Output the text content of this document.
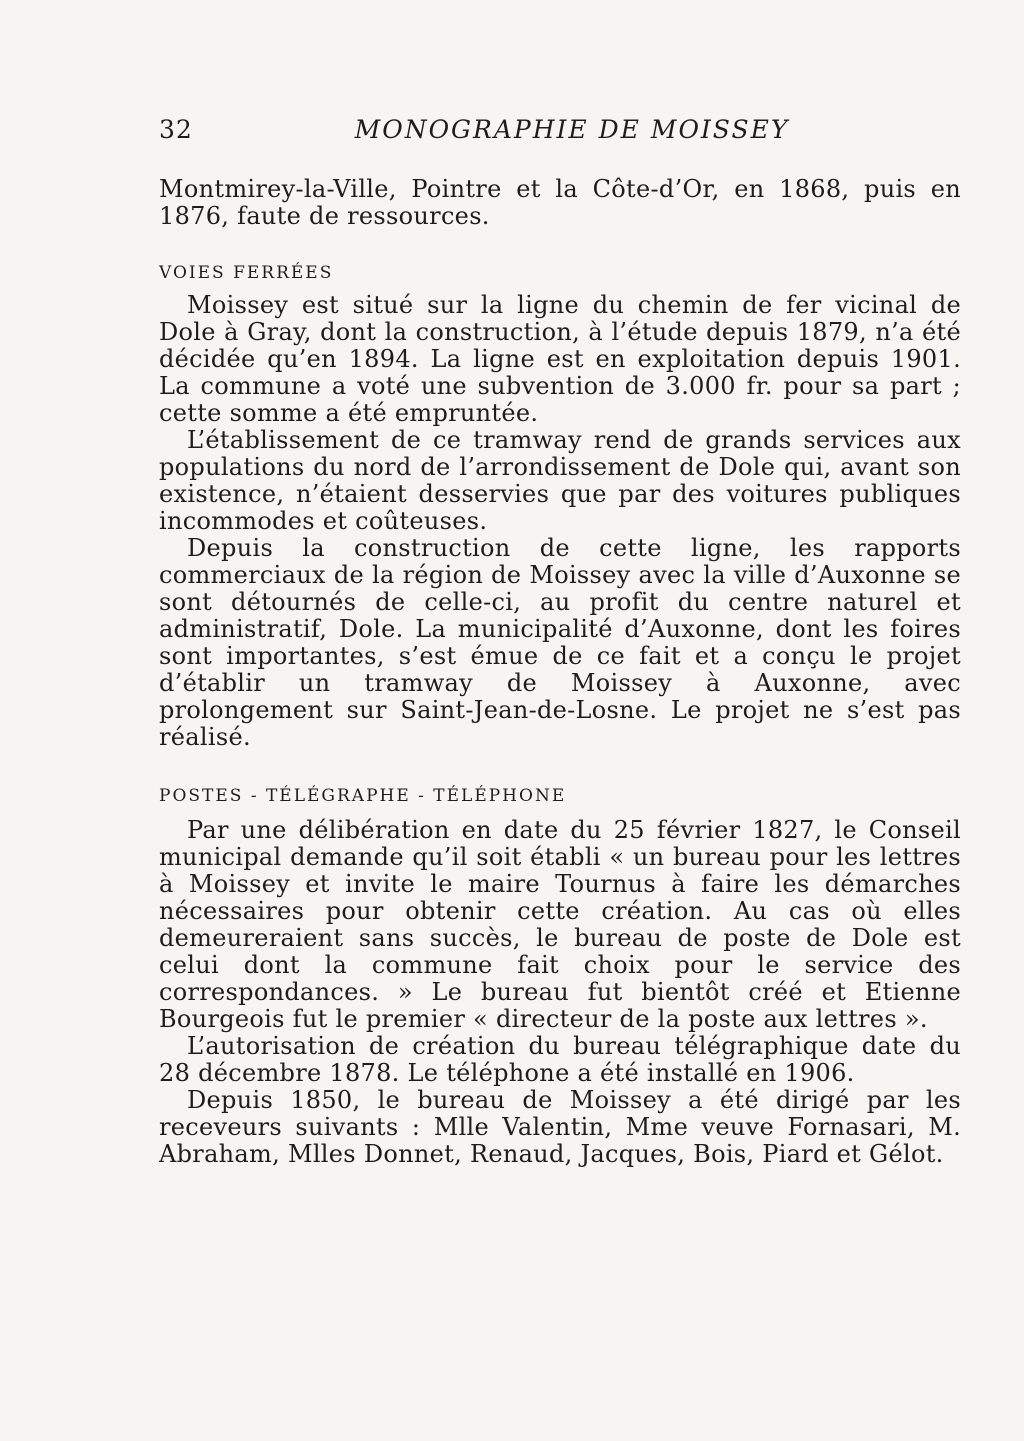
32	MONOGRAPHIE DE MOISSEY

Montmirey-la-Ville, Pointre et la Côte-d’Or, en 1868, puis en 1876, faute de ressources.

VOIES FERRÉES

Moissey est situé sur la ligne du chemin de fer vicinal de Dole à Gray, dont la construction, à l’étude depuis 1879, n’a été décidée qu’en 1894. La ligne est en exploitation depuis 1901. La commune a voté une subvention de 3.000 fr. pour sa part ; cette somme a été empruntée.

L’établissement de ce tramway rend de grands services aux populations du nord de l’arrondissement de Dole qui, avant son existence, n’étaient desservies que par des voitures publiques incommodes et coûteuses.

Depuis la construction de cette ligne, les rapports commerciaux de la région de Moissey avec la ville d’Auxonne se sont détournés de celle-ci, au profit du centre naturel et administratif, Dole. La municipalité d’Auxonne, dont les foires sont importantes, s’est émue de ce fait et a conçu le projet d’établir un tramway de Moissey à Auxonne, avec prolongement sur Saint-Jean-de-Losne. Le projet ne s’est pas réalisé.

POSTES - TÉLÉGRAPHE - TÉLÉPHONE

Par une délibération en date du 25 février 1827, le Conseil municipal demande qu’il soit établi « un bureau pour les lettres à Moissey et invite le maire Tournus à faire les démarches nécessaires pour obtenir cette création. Au cas où elles demeureraient sans succès, le bureau de poste de Dole est celui dont la commune fait choix pour le service des correspondances. » Le bureau fut bientôt créé et Etienne Bourgeois fut le premier « directeur de la poste aux lettres ».

L’autorisation de création du bureau télégraphique date du 28 décembre 1878. Le téléphone a été installé en 1906.

Depuis 1850, le bureau de Moissey a été dirigé par les receveurs suivants : Mlle Valentin, Mme veuve Fornasari, M. Abraham, Mlles Donnet, Renaud, Jacques, Bois, Piard et Gélot.
